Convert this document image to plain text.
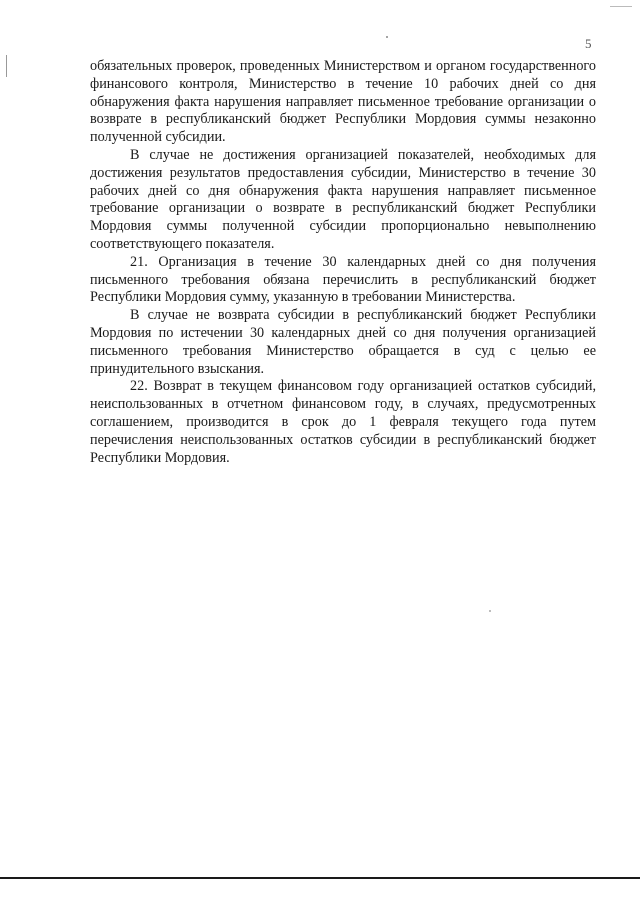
5

обязательных проверок, проведенных Министерством и органом государственного финансового контроля, Министерство в течение 10 рабочих дней со дня обнаружения факта нарушения направляет письменное требование организации о возврате в республиканский бюджет Республики Мордовия суммы незаконно полученной субсидии.

В случае не достижения организацией показателей, необходимых для достижения результатов предоставления субсидии, Министерство в течение 30 рабочих дней со дня обнаружения факта нарушения направляет письменное требование организации о возврате в республиканский бюджет Республики Мордовия суммы полученной субсидии пропорционально невыполнению соответствующего показателя.

21. Организация в течение 30 календарных дней со дня получения письменного требования обязана перечислить в республиканский бюджет Республики Мордовия сумму, указанную в требовании Министерства.

В случае не возврата субсидии в республиканский бюджет Республики Мордовия по истечении 30 календарных дней со дня получения организацией письменного требования Министерство обращается в суд с целью ее принудительного взыскания.

22. Возврат в текущем финансовом году организацией остатков субсидий, неиспользованных в отчетном финансовом году, в случаях, предусмотренных соглашением, производится в срок до 1 февраля текущего года путем перечисления неиспользованных остатков субсидии в республиканский бюджет Республики Мордовия.
